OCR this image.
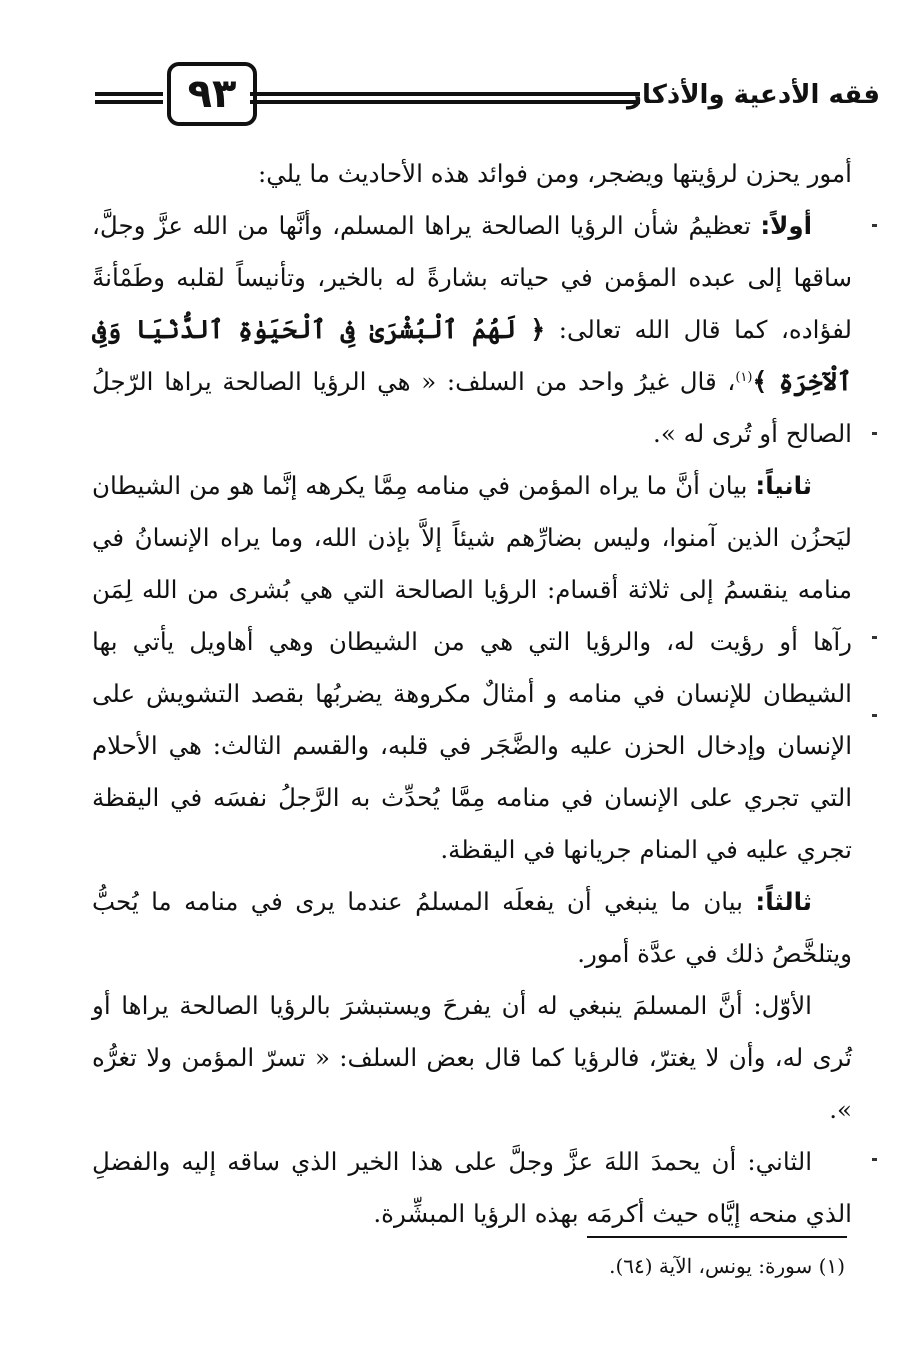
فقه الأدعية والأذكار
٩٣

أمور يحزن لرؤيتها ويضجر، ومن فوائد هذه الأحاديث ما يلي:

أولاً: تعظيمُ شأن الرؤيا الصالحة يراها المسلم، وأنَّها من الله عزَّ وجلَّ، ساقها إلى عبده المؤمن في حياته بشارةً له بالخير، وتأنيساً لقلبه وطَمْأنةً لفؤاده، كما قال الله تعالى: ﴿ لَهُمُ ٱلْبُشْرَىٰ فِى ٱلْحَيَوٰةِ ٱلدُّنْيَا وَفِى ٱلْآخِرَةِ ﴾$^{(١)}$، قال غيرُ واحد من السلف: « هي الرؤيا الصالحة يراها الرّجلُ الصالح أو تُرى له ».

ثانياً: بيان أنَّ ما يراه المؤمن في منامه مِمَّا يكرهه إنَّما هو من الشيطان ليَحزُن الذين آمنوا، وليس بضارِّهم شيئاً إلاَّ بإذن الله، وما يراه الإنسانُ في منامه ينقسمُ إلى ثلاثة أقسام: الرؤيا الصالحة التي هي بُشرى من الله لِمَن رآها أو رؤيت له، والرؤيا التي هي من الشيطان وهي أهاويل يأتي بها الشيطان للإنسان في منامه و أمثالٌ مكروهة يضربُها بقصد التشويش على الإنسان وإدخال الحزن عليه والضَّجَر في قلبه، والقسم الثالث: هي الأحلام التي تجري على الإنسان في منامه مِمَّا يُحدِّث به الرَّجلُ نفسَه في اليقظة تجري عليه في المنام جريانها في اليقظة.

ثالثاً: بيان ما ينبغي أن يفعلَه المسلمُ عندما يرى في منامه ما يُحبُّ ويتلخَّصُ ذلك في عدَّة أمور.

الأوّل: أنَّ المسلمَ ينبغي له أن يفرحَ ويستبشرَ بالرؤيا الصالحة يراها أو تُرى له، وأن لا يغترّ، فالرؤيا كما قال بعض السلف: « تسرّ المؤمن ولا تغرُّه ».

الثاني: أن يحمدَ اللهَ عزَّ وجلَّ على هذا الخير الذي ساقه إليه والفضلِ الذي منحه إيَّاه حيث أكرمَه بهذه الرؤيا المبشِّرة.

(١) سورة: يونس، الآية (٦٤).
